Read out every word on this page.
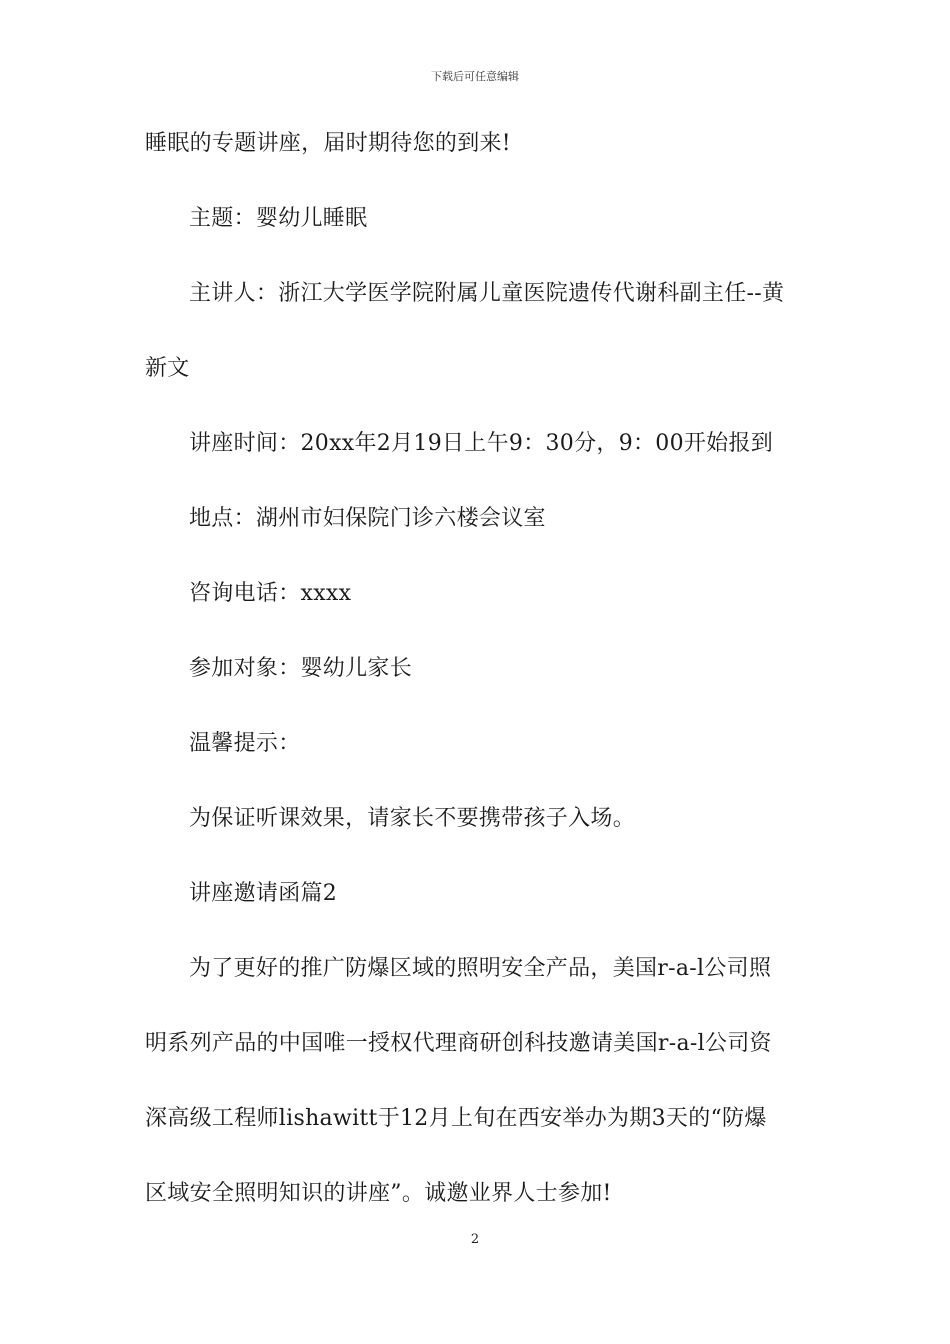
下载后可任意编辑
睡眠的专题讲座，届时期待您的到来!
主题：婴幼儿睡眠
主讲人：浙江大学医学院附属儿童医院遗传代谢科副主任--黄
新文
讲座时间：20xx年2月19日上午9：30分，9：00开始报到
地点：湖州市妇保院门诊六楼会议室
咨询电话：xxxx
参加对象：婴幼儿家长
温馨提示：
为保证听课效果，请家长不要携带孩子入场。
讲座邀请函篇2
为了更好的推广防爆区域的照明安全产品，美国r-a-l公司照
明系列产品的中国唯一授权代理商研创科技邀请美国r-a-l公司资
深高级工程师lishawitt于12月上旬在西安举办为期3天的“防爆
区域安全照明知识的讲座”。诚邀业界人士参加!
2
